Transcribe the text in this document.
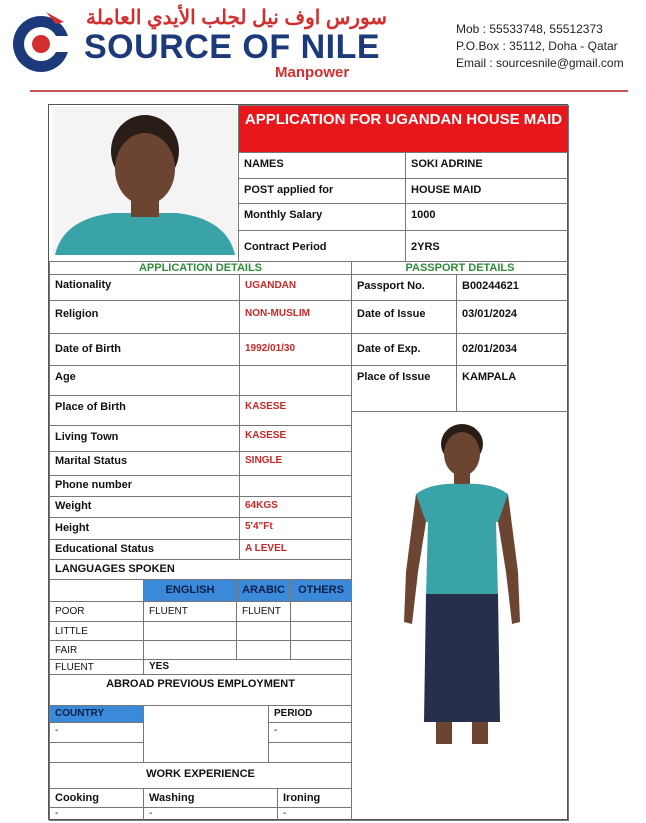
سورس اوف نيل لجلب الأيدي العاملة
SOURCE OF NILE
Manpower
Mob : 55533748, 55512373
P.O.Box : 35112, Doha - Qatar
Email : sourcesnile@gmail.com
APPLICATION FOR UGANDAN HOUSE MAID
NAMES	SOKI ADRINE
POST applied for	HOUSE MAID
Monthly Salary	1000
Contract Period	2YRS
APPLICATION DETAILS	PASSPORT DETAILS
Nationality	UGANDAN
Religion	NON-MUSLIM
Date of Birth	1992/01/30
Age
Place of Birth	KASESE
Living Town	KASESE
Marital Status	SINGLE
Phone number
Weight	64KGS
Height	5'4"Ft
Educational Status	A LEVEL
Passport No.	B00244621
Date of Issue	03/01/2024
Date of Exp.	02/01/2034
Place of Issue	KAMPALA
LANGUAGES SPOKEN
ENGLISH	ARABIC	OTHERS
POOR	FLUENT	FLUENT
LITTLE
FAIR
FLUENT	YES
ABROAD PREVIOUS EMPLOYMENT
COUNTRY	PERIOD
-	-
WORK EXPERIENCE
Cooking	Washing	Ironing
-	-	-
